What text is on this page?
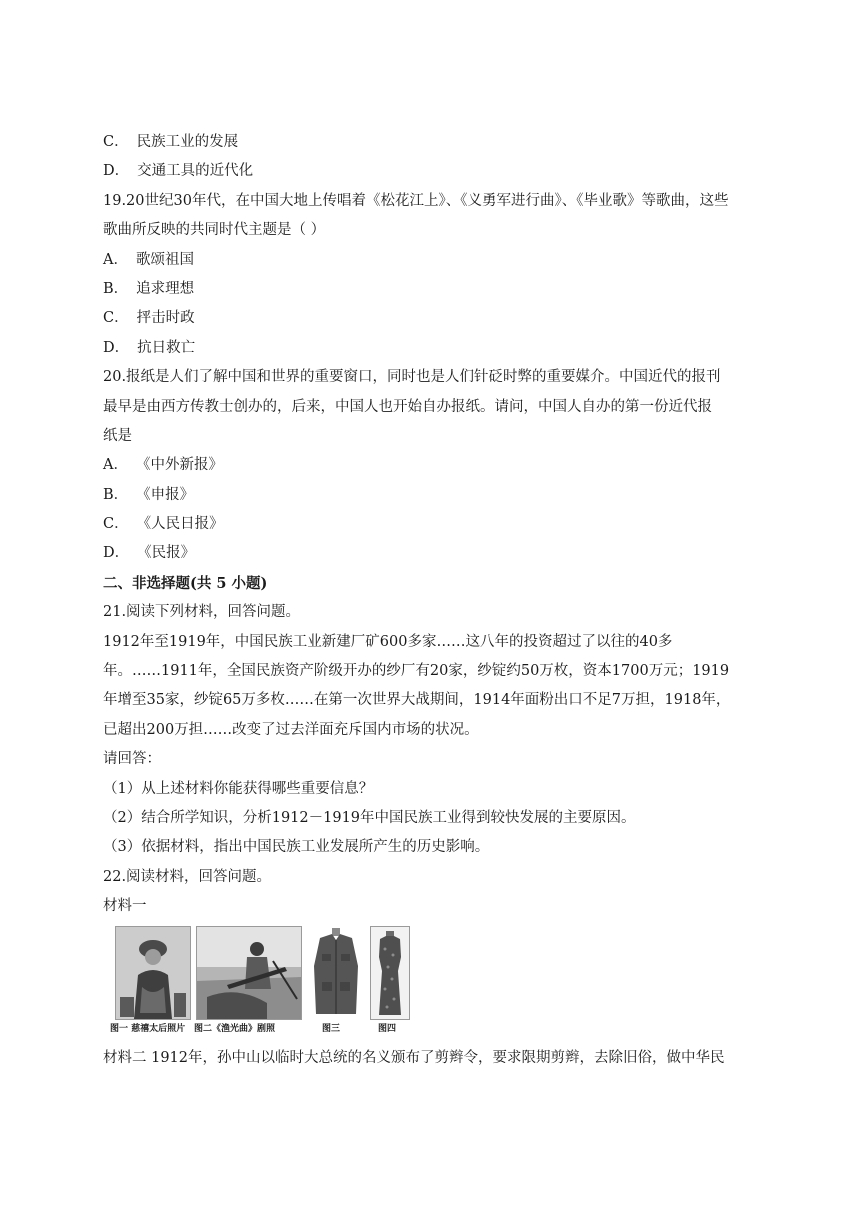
C． 民族工业的发展
D． 交通工具的近代化
19.20世纪30年代，在中国大地上传唱着《松花江上》、《义勇军进行曲》、《毕业歌》等歌曲，这些
歌曲所反映的共同时代主题是（ ）
A． 歌颂祖国
B． 追求理想
C． 抨击时政
D． 抗日救亡
20.报纸是人们了解中国和世界的重要窗口，同时也是人们针砭时弊的重要媒介。中国近代的报刊
最早是由西方传教士创办的，后来，中国人也开始自办报纸。请问，中国人自办的第一份近代报
纸是
A． 《中外新报》
B． 《申报》
C． 《人民日报》
D． 《民报》
二、非选择题(共 5 小题)
21.阅读下列材料，回答问题。
1912年至1919年，中国民族工业新建厂矿600多家……这八年的投资超过了以往的40多
年。……1911年，全国民族资产阶级开办的纱厂有20家，纱锭约50万枚，资本1700万元；1919
年增至35家，纱锭65万多枚……在第一次世界大战期间，1914年面粉出口不足7万担，1918年，
已超出200万担……改变了过去洋面充斥国内市场的状况。
请回答：
（1）从上述材料你能获得哪些重要信息？
（2）结合所学知识，分析1912－1919年中国民族工业得到较快发展的主要原因。
（3）依据材料，指出中国民族工业发展所产生的历史影响。
22.阅读材料，回答问题。
材料一
图一 慈禧太后照片 图二《渔光曲》剧照	图三	图四
材料二 1912年，孙中山以临时大总统的名义颁布了剪辫令，要求限期剪辫，去除旧俗，做中华民
